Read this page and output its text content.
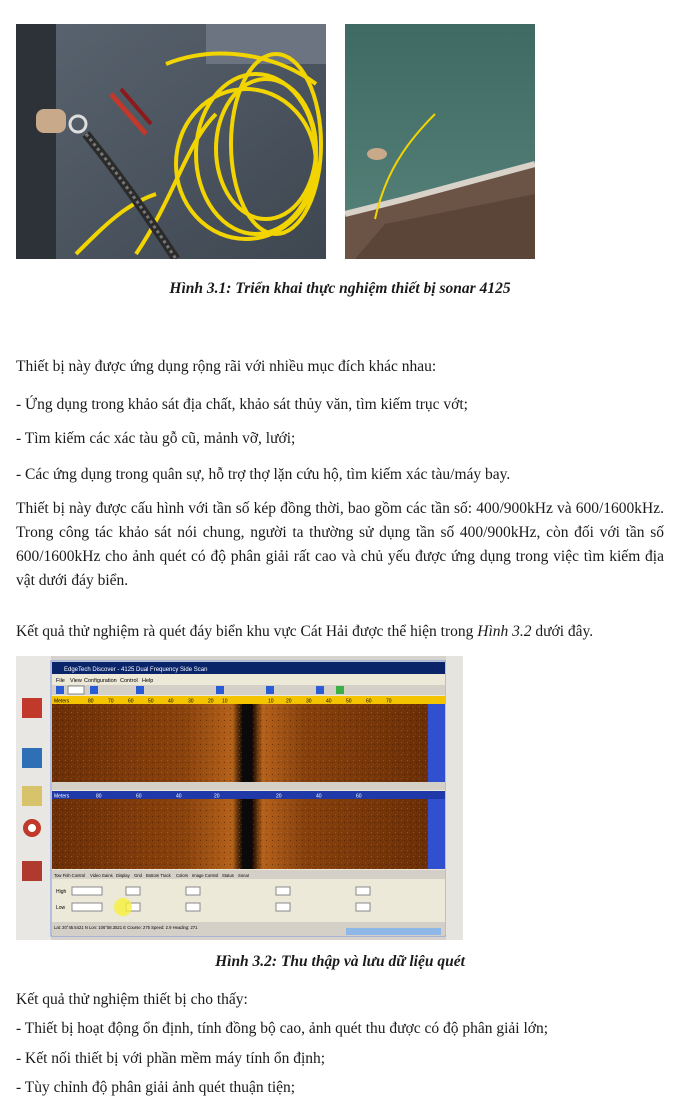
Hình 3.1: Triển khai thực nghiệm thiết bị sonar 4125
Thiết bị này được ứng dụng rộng rãi với nhiều mục đích khác nhau:
- Ứng dụng trong khảo sát địa chất, khảo sát thủy văn, tìm kiếm trục vớt;
- Tìm kiếm các xác tàu gỗ cũ, mảnh vỡ, lưới;
- Các ứng dụng trong quân sự, hỗ trợ thợ lặn cứu hộ, tìm kiếm xác tàu/máy bay.
Thiết bị này được cấu hình với tần số kép đồng thời, bao gồm các tần số: 400/900kHz và 600/1600kHz. Trong công tác khảo sát nói chung, người ta thường sử dụng tần số 400/900kHz, còn đối với tần số 600/1600kHz cho ảnh quét có độ phân giải rất cao và chủ yếu được ứng dụng trong việc tìm kiếm địa vật dưới đáy biển.
Kết quả thử nghiệm rà quét đáy biển khu vực Cát Hải được thể hiện trong Hình 3.2 dưới đây.
EdgeTech Discover - 4125 Dual Frequency Side Scan
File View Configuration Control Help
Meters	80	70	60	50	40	30	20 10	10 20	30	40	50	60	70
Meters	80	60	40	20	20	40	60
Tow Fish Control Video Gains Display Grid Bottom Track Colors Image Control Status Sonar
High
Low
Lat: 20°45.5421 N Lon: 106°58.3521 E Course: 275 Speed: 2.9 Heading: 271
Hình 3.2: Thu thập và lưu dữ liệu quét
Kết quả thử nghiệm thiết bị cho thấy:
- Thiết bị hoạt động ổn định, tính đồng bộ cao, ảnh quét thu được có độ phân giải lớn;
- Kết nối thiết bị với phần mềm máy tính ổn định;
- Tùy chỉnh độ phân giải ảnh quét thuận tiện;
